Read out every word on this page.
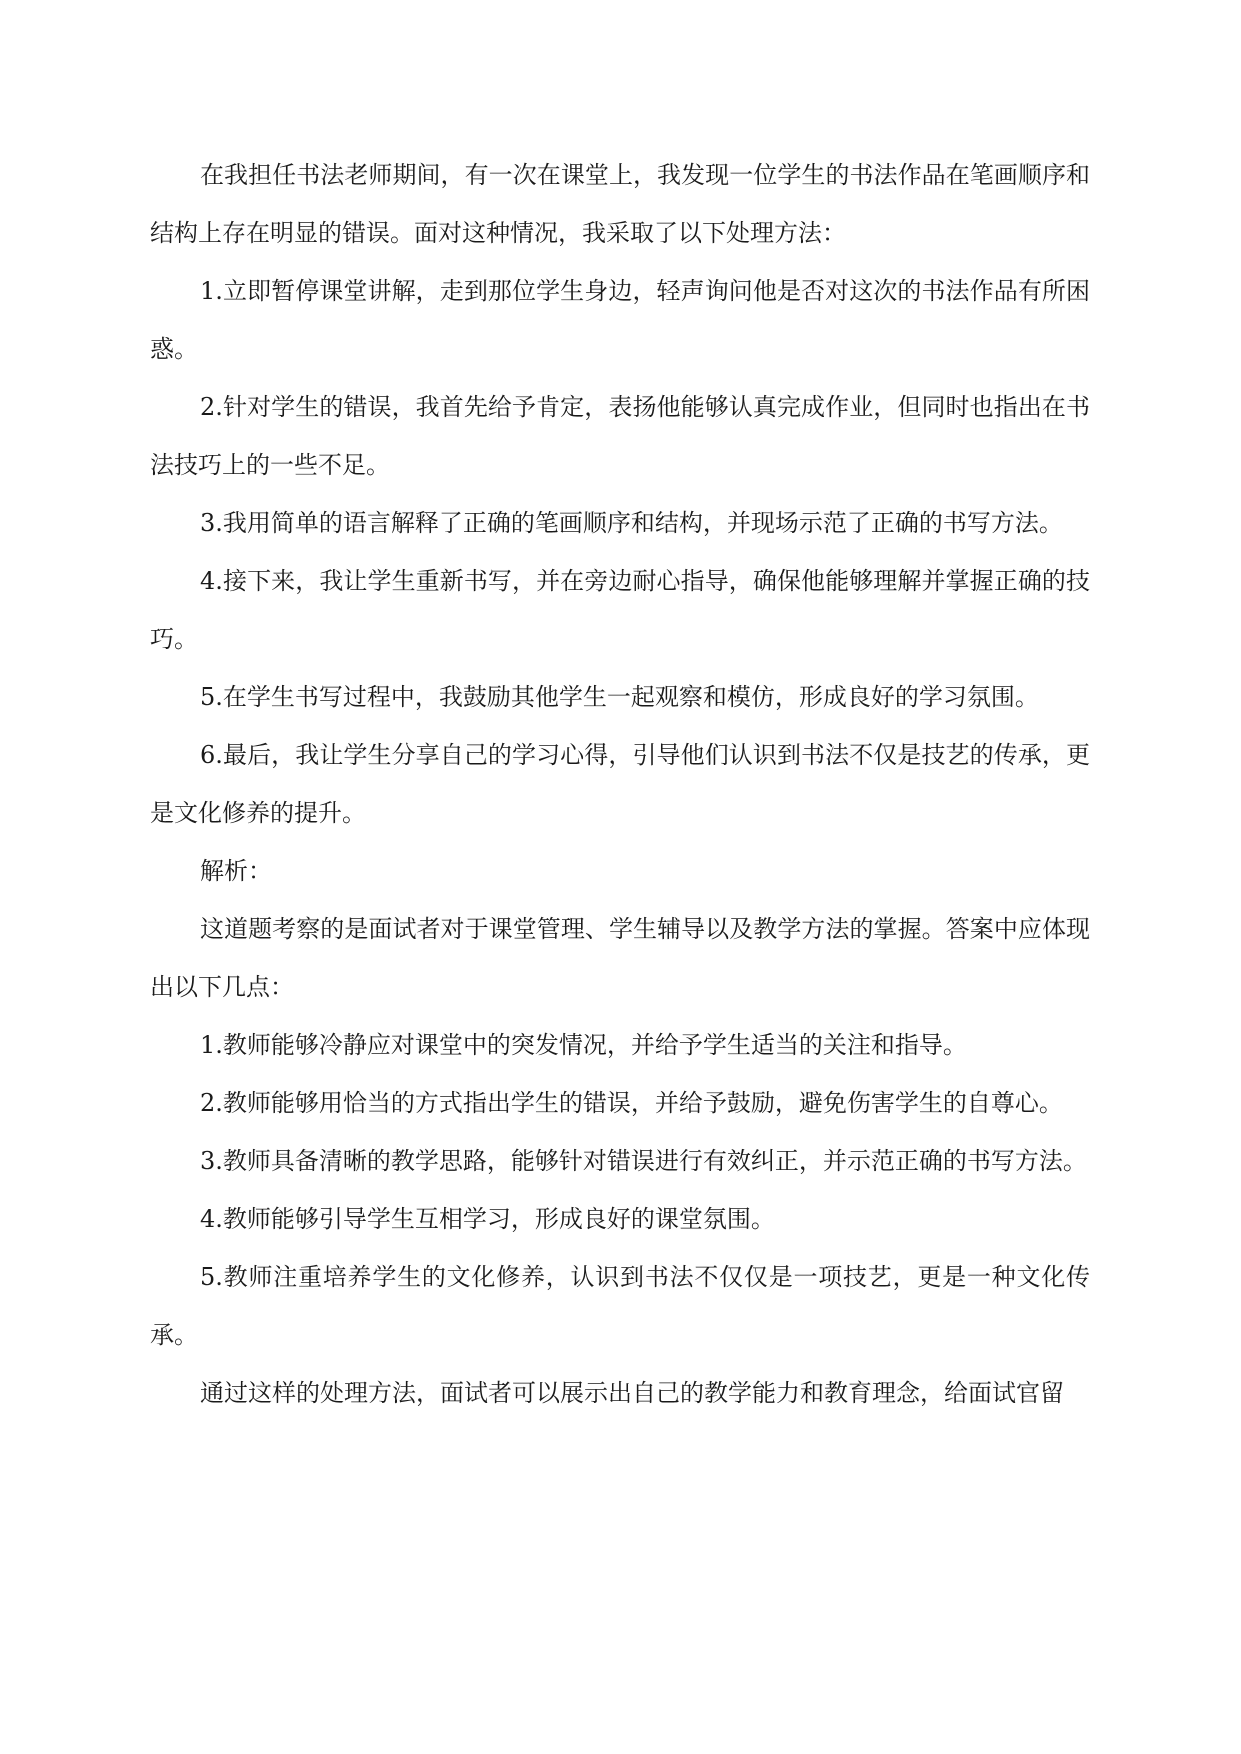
在我担任书法老师期间，有一次在课堂上，我发现一位学生的书法作品在笔画顺序和结构上存在明显的错误。面对这种情况，我采取了以下处理方法：

1.立即暂停课堂讲解，走到那位学生身边，轻声询问他是否对这次的书法作品有所困惑。

2.针对学生的错误，我首先给予肯定，表扬他能够认真完成作业，但同时也指出在书法技巧上的一些不足。

3.我用简单的语言解释了正确的笔画顺序和结构，并现场示范了正确的书写方法。

4.接下来，我让学生重新书写，并在旁边耐心指导，确保他能够理解并掌握正确的技巧。

5.在学生书写过程中，我鼓励其他学生一起观察和模仿，形成良好的学习氛围。

6.最后，我让学生分享自己的学习心得，引导他们认识到书法不仅是技艺的传承，更是文化修养的提升。

解析：

这道题考察的是面试者对于课堂管理、学生辅导以及教学方法的掌握。答案中应体现出以下几点：

1.教师能够冷静应对课堂中的突发情况，并给予学生适当的关注和指导。

2.教师能够用恰当的方式指出学生的错误，并给予鼓励，避免伤害学生的自尊心。

3.教师具备清晰的教学思路，能够针对错误进行有效纠正，并示范正确的书写方法。

4.教师能够引导学生互相学习，形成良好的课堂氛围。

5.教师注重培养学生的文化修养，认识到书法不仅仅是一项技艺，更是一种文化传承。

通过这样的处理方法，面试者可以展示出自己的教学能力和教育理念，给面试官留
